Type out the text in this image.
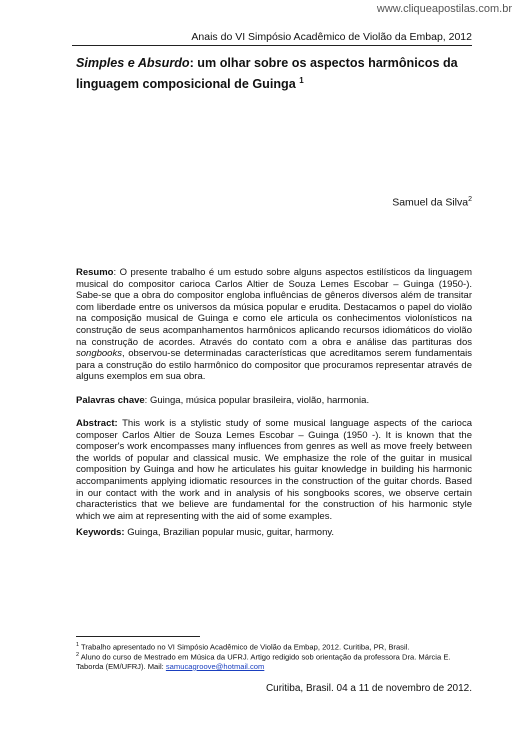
www.cliqueapostilas.com.br
Anais do VI Simpósio Acadêmico de Violão da Embap, 2012
Simples e Absurdo: um olhar sobre os aspectos harmônicos da linguagem composicional de Guinga $^1$
Samuel da Silva$^2$
Resumo: O presente trabalho é um estudo sobre alguns aspectos estilísticos da linguagem musical do compositor carioca Carlos Altier de Souza Lemes Escobar – Guinga (1950-). Sabe-se que a obra do compositor engloba influências de gêneros diversos além de transitar com liberdade entre os universos da música popular e erudita. Destacamos o papel do violão na composição musical de Guinga e como ele articula os conhecimentos violonísticos na construção de seus acompanhamentos harmônicos aplicando recursos idiomáticos do violão na construção de acordes. Através do contato com a obra e análise das partituras dos songbooks, observou-se determinadas características que acreditamos serem fundamentais para a construção do estilo harmônico do compositor que procuramos representar através de alguns exemplos em sua obra.
Palavras chave: Guinga, música popular brasileira, violão, harmonia.
Abstract: This work is a stylistic study of some musical language aspects of the carioca composer Carlos Altier de Souza Lemes Escobar – Guinga (1950 -). It is known that the composer's work encompasses many influences from genres as well as move freely between the worlds of popular and classical music. We emphasize the role of the guitar in musical composition by Guinga and how he articulates his guitar knowledge in building his harmonic accompaniments applying idiomatic resources in the construction of the guitar chords. Based in our contact with the work and in analysis of his songbooks scores, we observe certain characteristics that we believe are fundamental for the construction of his harmonic style which we aim at representing with the aid of some examples.
Keywords: Guinga, Brazilian popular music, guitar, harmony.
$^1$ Trabalho apresentado no VI Simpósio Acadêmico de Violão da Embap, 2012. Curitiba, PR, Brasil.
$^2$ Aluno do curso de Mestrado em Música da UFRJ. Artigo redigido sob orientação da professora Dra. Márcia E. Taborda (EM/UFRJ). Mail: samucagroove@hotmail.com
Curitiba, Brasil. 04 a 11 de novembro de 2012.
